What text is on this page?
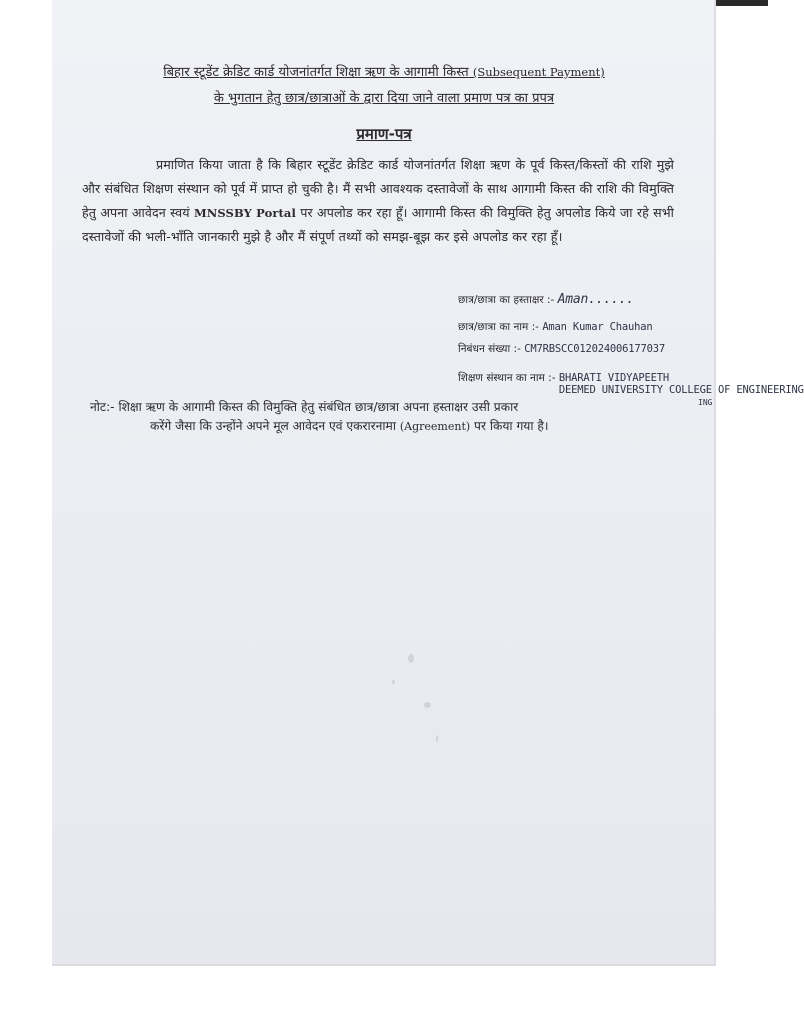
बिहार स्टूडेंट क्रेडिट कार्ड योजनांतर्गत शिक्षा ऋण के आगामी किस्त (Subsequent Payment)
के भुगतान हेतु छात्र/छात्राओं के द्वारा दिया जाने वाला प्रमाण पत्र का प्रपत्र
प्रमाण-पत्र
प्रमाणित किया जाता है कि बिहार स्टूडेंट क्रेडिट कार्ड योजनांतर्गत शिक्षा ऋण के पूर्व किस्त/किस्तों की राशि मुझे और संबंधित शिक्षण संस्थान को पूर्व में प्राप्त हो चुकी है। मैं सभी आवश्यक दस्तावेजों के साथ आगामी किस्त की राशि की विमुक्ति हेतु अपना आवेदन स्वयं MNSSBY Portal पर अपलोड कर रहा हूँ। आगामी किस्त की विमुक्ति हेतु अपलोड किये जा रहे सभी दस्तावेजों की भली-भाँति जानकारी मुझे है और मैं संपूर्ण तथ्यों को समझ-बूझ कर इसे अपलोड कर रहा हूँ।
छात्र/छात्रा का हस्ताक्षर :- Aman......
छात्र/छात्रा का नाम :- Aman Kumar Chauhan
निबंधन संख्या :- CM7RBSCC012024006177037
शिक्षण संस्थान का नाम :- BHARATI VIDYAPEETH
DEEMED UNIVERSITY COLLEGE OF ENGINEERING
ING
नोट:- शिक्षा ऋण के आगामी किस्त की विमुक्ति हेतु संबंधित छात्र/छात्रा अपना हस्ताक्षर उसी प्रकार
करेंगे जैसा कि उन्होंने अपने मूल आवेदन एवं एकरारनामा (Agreement) पर किया गया है।
